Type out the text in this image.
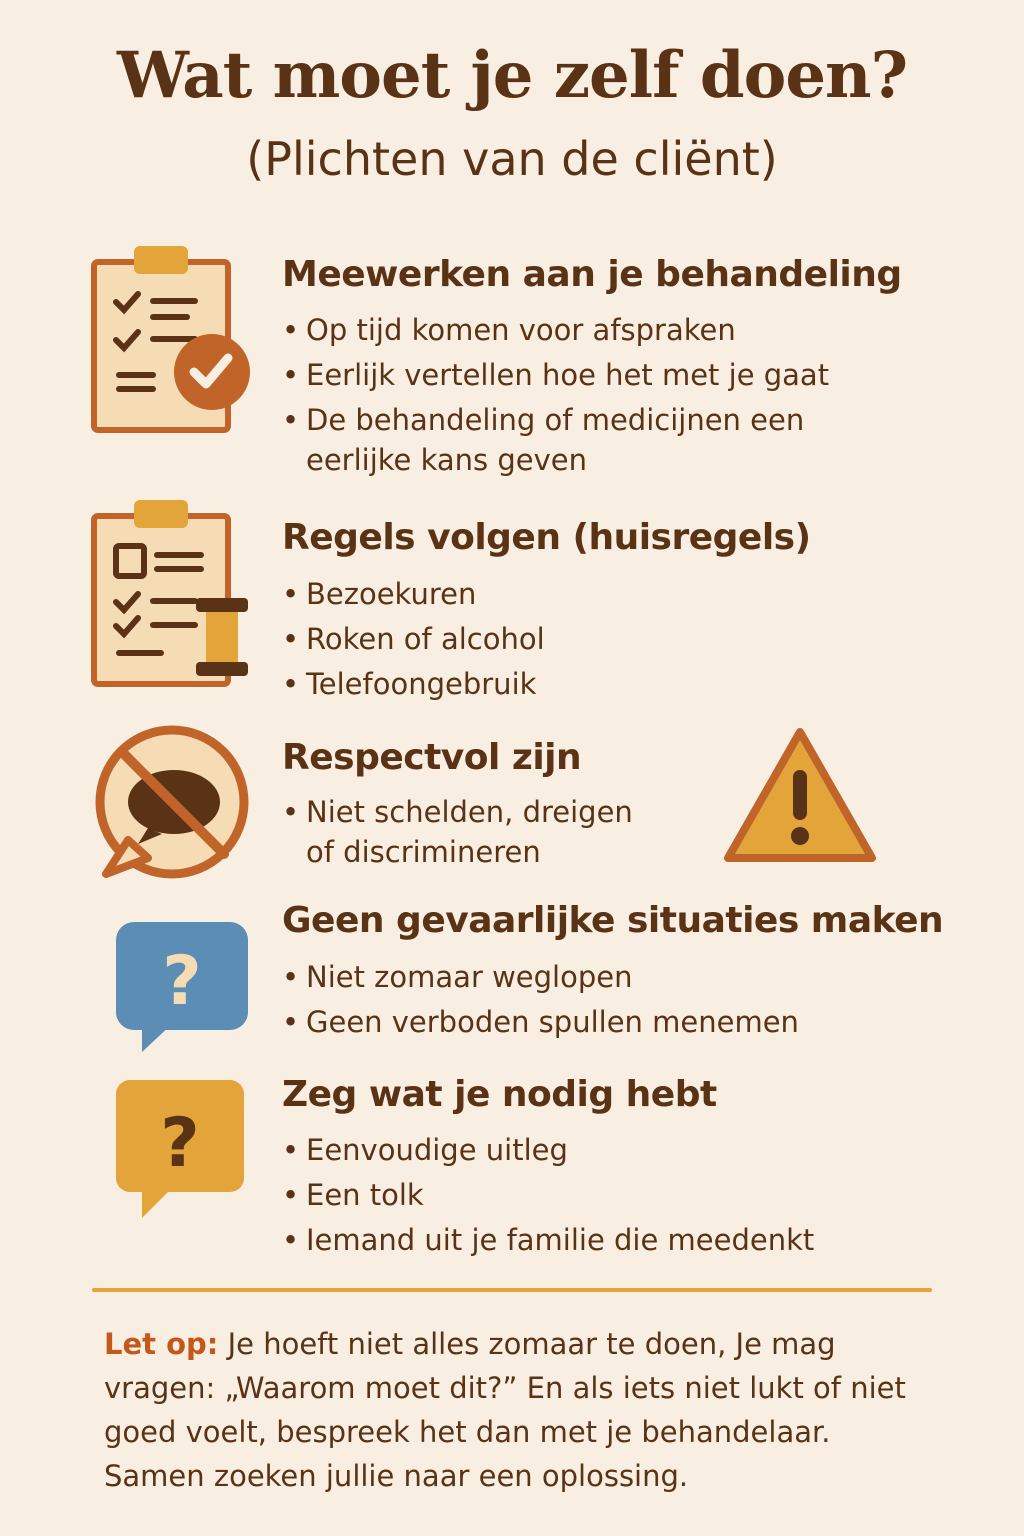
Wat moet je zelf doen?
(Plichten van de cliënt)
Meewerken aan je behandeling
• Op tijd komen voor afspraken
• Eerlijk vertellen hoe het met je gaat
• De behandeling of medicijnen een eerlijke kans geven
Regels volgen (huisregels)
• Bezoekuren
• Roken of alcohol
• Telefoongebruik
Respectvol zijn
• Niet schelden, dreigen of discrimineren
?
Geen gevaarlijke situaties maken
• Niet zomaar weglopen
• Geen verboden spullen menemen
?
Zeg wat je nodig hebt
• Eenvoudige uitleg
• Een tolk
• Iemand uit je familie die meedenkt
Let op: Je hoeft niet alles zomaar te doen, Je mag vragen: „Waarom moet dit?” En als iets niet lukt of niet goed voelt, bespreek het dan met je behandelaar. Samen zoeken jullie naar een oplossing.
